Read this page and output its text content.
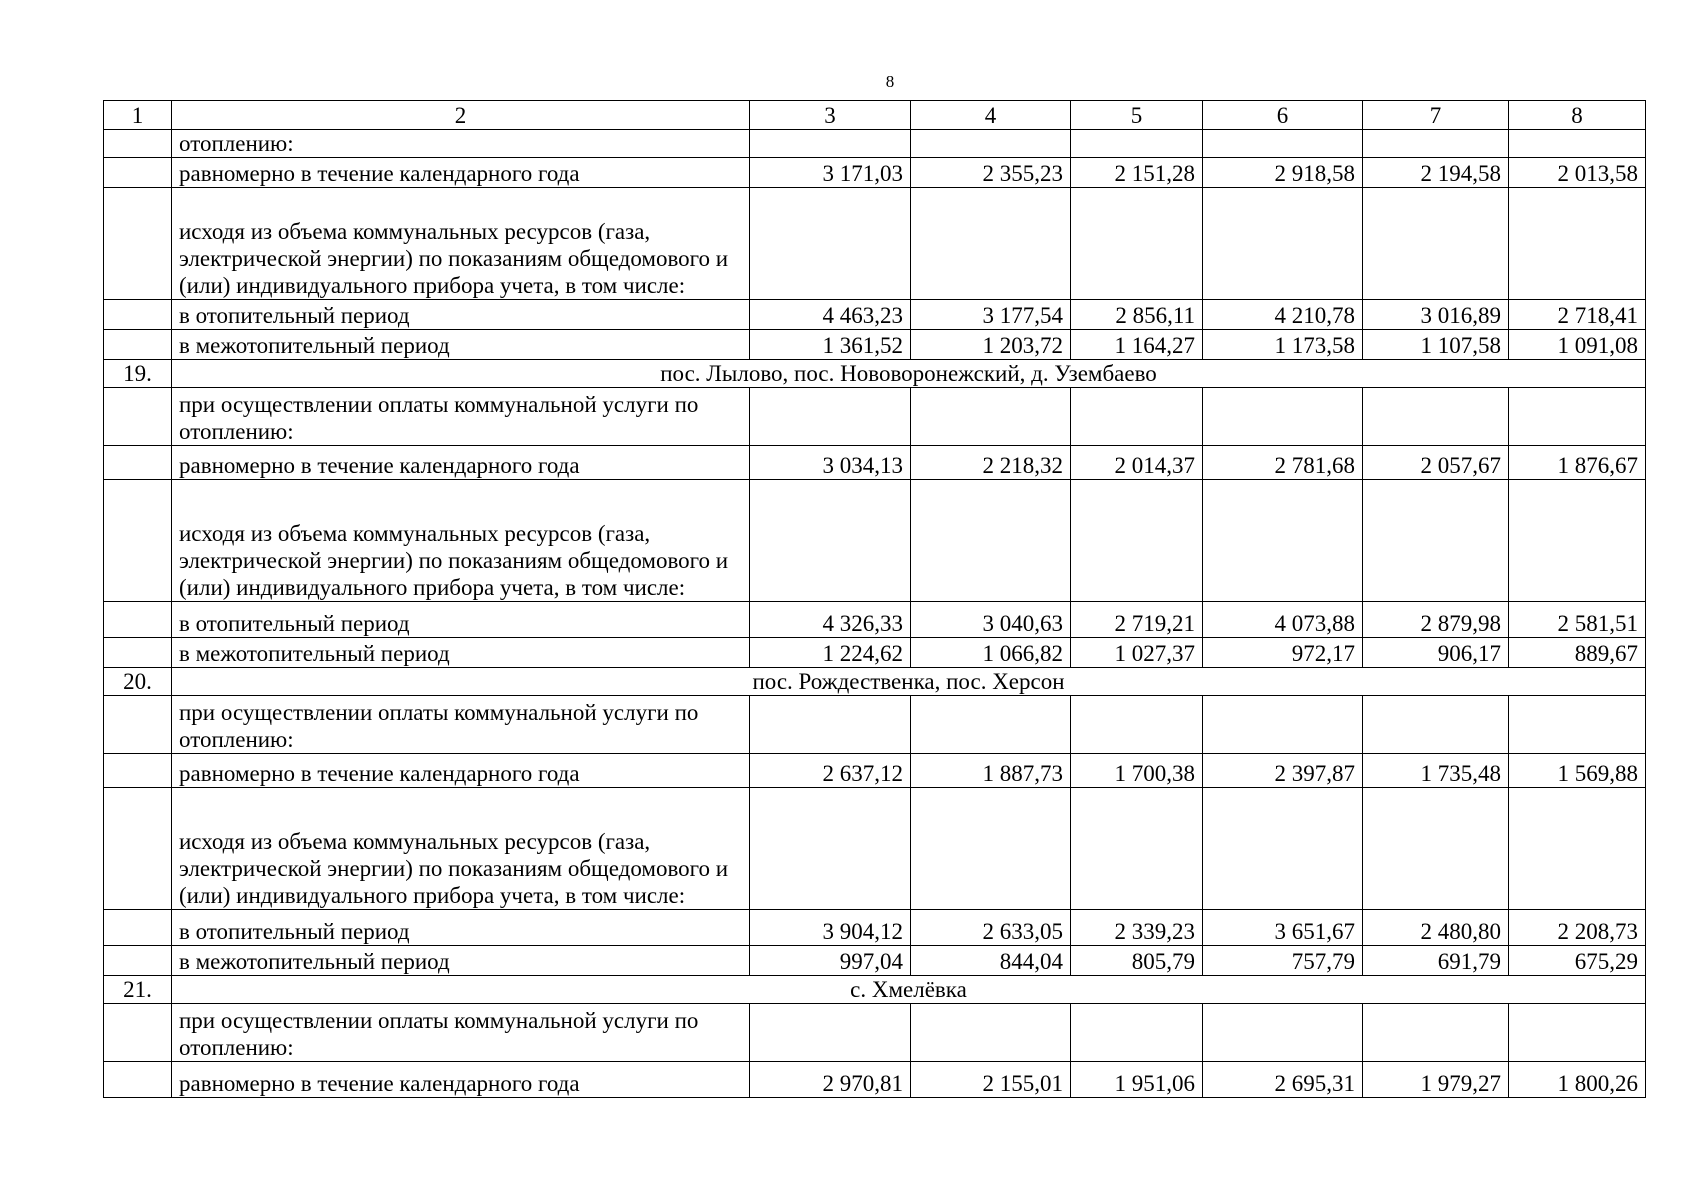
8
1	2	3	4	5	6	7	8
	отоплению:						
	равномерно в течение календарного года	3 171,03	2 355,23	2 151,28	2 918,58	2 194,58	2 013,58
	исходя из объема коммунальных ресурсов (газа, электрической энергии) по показаниям общедомового и (или) индивидуального прибора учета, в том числе:						
	в отопительный период	4 463,23	3 177,54	2 856,11	4 210,78	3 016,89	2 718,41
	в межотопительный период	1 361,52	1 203,72	1 164,27	1 173,58	1 107,58	1 091,08
19.	пос. Лылово, пос. Нововоронежский, д. Узембаево						
	при осуществлении оплаты коммунальной услуги по отоплению:						
	равномерно в течение календарного года	3 034,13	2 218,32	2 014,37	2 781,68	2 057,67	1 876,67
	исходя из объема коммунальных ресурсов (газа, электрической энергии) по показаниям общедомового и (или) индивидуального прибора учета, в том числе:						
	в отопительный период	4 326,33	3 040,63	2 719,21	4 073,88	2 879,98	2 581,51
	в межотопительный период	1 224,62	1 066,82	1 027,37	972,17	906,17	889,67
20.	пос. Рождественка, пос. Херсон						
	при осуществлении оплаты коммунальной услуги по отоплению:						
	равномерно в течение календарного года	2 637,12	1 887,73	1 700,38	2 397,87	1 735,48	1 569,88
	исходя из объема коммунальных ресурсов (газа, электрической энергии) по показаниям общедомового и (или) индивидуального прибора учета, в том числе:						
	в отопительный период	3 904,12	2 633,05	2 339,23	3 651,67	2 480,80	2 208,73
	в межотопительный период	997,04	844,04	805,79	757,79	691,79	675,29
21.	с. Хмелёвка						
	при осуществлении оплаты коммунальной услуги по отоплению:						
	равномерно в течение календарного года	2 970,81	2 155,01	1 951,06	2 695,31	1 979,27	1 800,26
